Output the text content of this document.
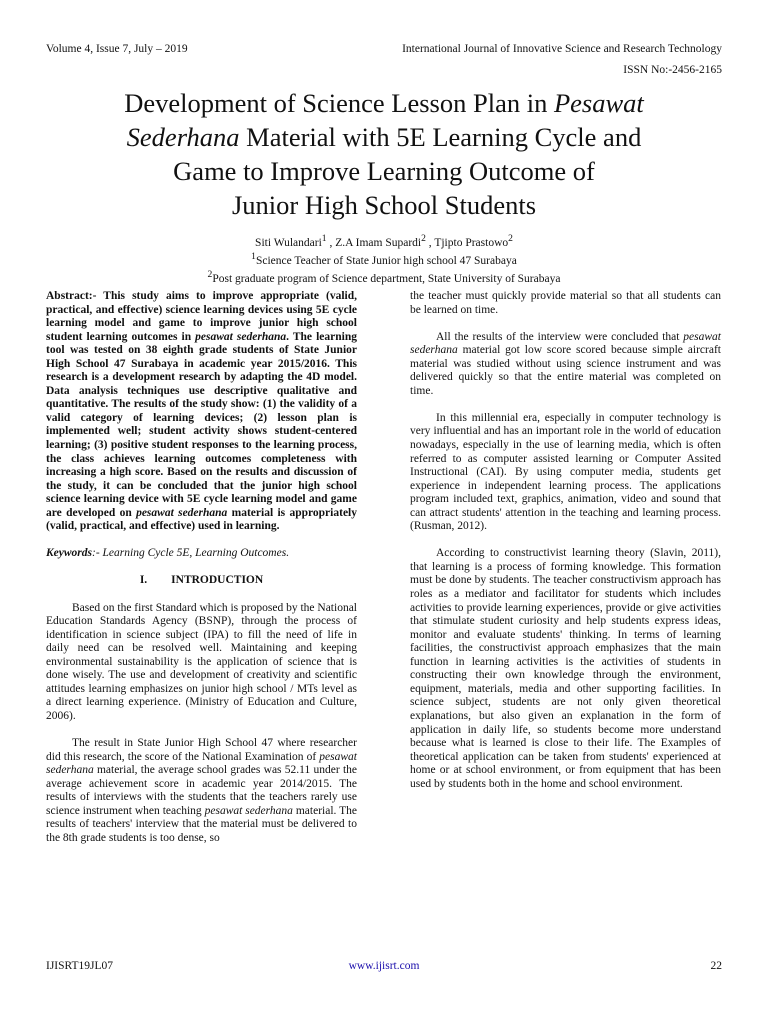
Volume 4, Issue 7, July – 2019	International Journal of Innovative Science and Research Technology
ISSN No:-2456-2165
Development of Science Lesson Plan in Pesawat
Sederhana Material with 5E Learning Cycle and
Game to Improve Learning Outcome of
Junior High School Students
Siti Wulandari$^1$ , Z.A Imam Supardi$^2$ , Tjipto Prastowo$^2$
$^1$Science Teacher of State Junior high school 47 Surabaya
$^2$Post graduate program of Science department, State University of Surabaya

Abstract:- This study aims to improve appropriate (valid, practical, and effective) science learning devices using 5E cycle learning model and game to improve junior high school student learning outcomes in pesawat sederhana. The learning tool was tested on 38 eighth grade students of State Junior High School 47 Surabaya in academic year 2015/2016. This research is a development research by adapting the 4D model. Data analysis techniques use descriptive qualitative and quantitative. The results of the study show: (1) the validity of a valid category of learning devices; (2) lesson plan is implemented well; student activity shows student-centered learning; (3) positive student responses to the learning process, the class achieves learning outcomes completeness with increasing a high score. Based on the results and discussion of the study, it can be concluded that the junior high school science learning device with 5E cycle learning model and game are developed on pesawat sederhana material is appropriately (valid, practical, and effective) used in learning.

Keywords:- Learning Cycle 5E, Learning Outcomes.

I. INTRODUCTION

Based on the first Standard which is proposed by the National Education Standards Agency (BSNP), through the process of identification in science subject (IPA) to fill the need of life in daily need can be resolved well. Maintaining and keeping environmental sustainability is the application of science that is done wisely. The use and development of creativity and scientific attitudes learning emphasizes on junior high school / MTs level as a direct learning experience. (Ministry of Education and Culture, 2006).

The result in State Junior High School 47 where researcher did this research, the score of the National Examination of pesawat sederhana material, the average school grades was 52.11 under the average achievement score in academic year 2014/2015. The results of interviews with the students that the teachers rarely use science instrument when teaching pesawat sederhana material. The results of teachers' interview that the material must be delivered to the 8th grade students is too dense, so

the teacher must quickly provide material so that all students can be learned on time.

All the results of the interview were concluded that pesawat sederhana material got low score scored because simple aircraft material was studied without using science instrument and was delivered quickly so that the entire material was completed on time.

In this millennial era, especially in computer technology is very influential and has an important role in the world of education nowadays, especially in the use of learning media, which is often referred to as computer assisted learning or Computer Assited Instructional (CAI). By using computer media, students get experience in independent learning process. The applications program included text, graphics, animation, video and sound that can attract students' attention in the teaching and learning process. (Rusman, 2012).

According to constructivist learning theory (Slavin, 2011), that learning is a process of forming knowledge. This formation must be done by students. The teacher constructivism approach has roles as a mediator and facilitator for students which includes activities to provide learning experiences, provide or give activities that stimulate student curiosity and help students express ideas, monitor and evaluate students' thinking. In terms of learning facilities, the constructivist approach emphasizes that the main function in learning activities is the activities of students in constructing their own knowledge through the environment, equipment, materials, media and other supporting facilities. In science subject, students are not only given theoretical explanations, but also given an explanation in the form of application in daily life, so students become more understand because what is learned is close to their life. The Examples of theoretical application can be taken from students' experienced at home or at school environment, or from equipment that has been used by students both in the home and school environment.

IJISRT19JL07	www.ijisrt.com	22
